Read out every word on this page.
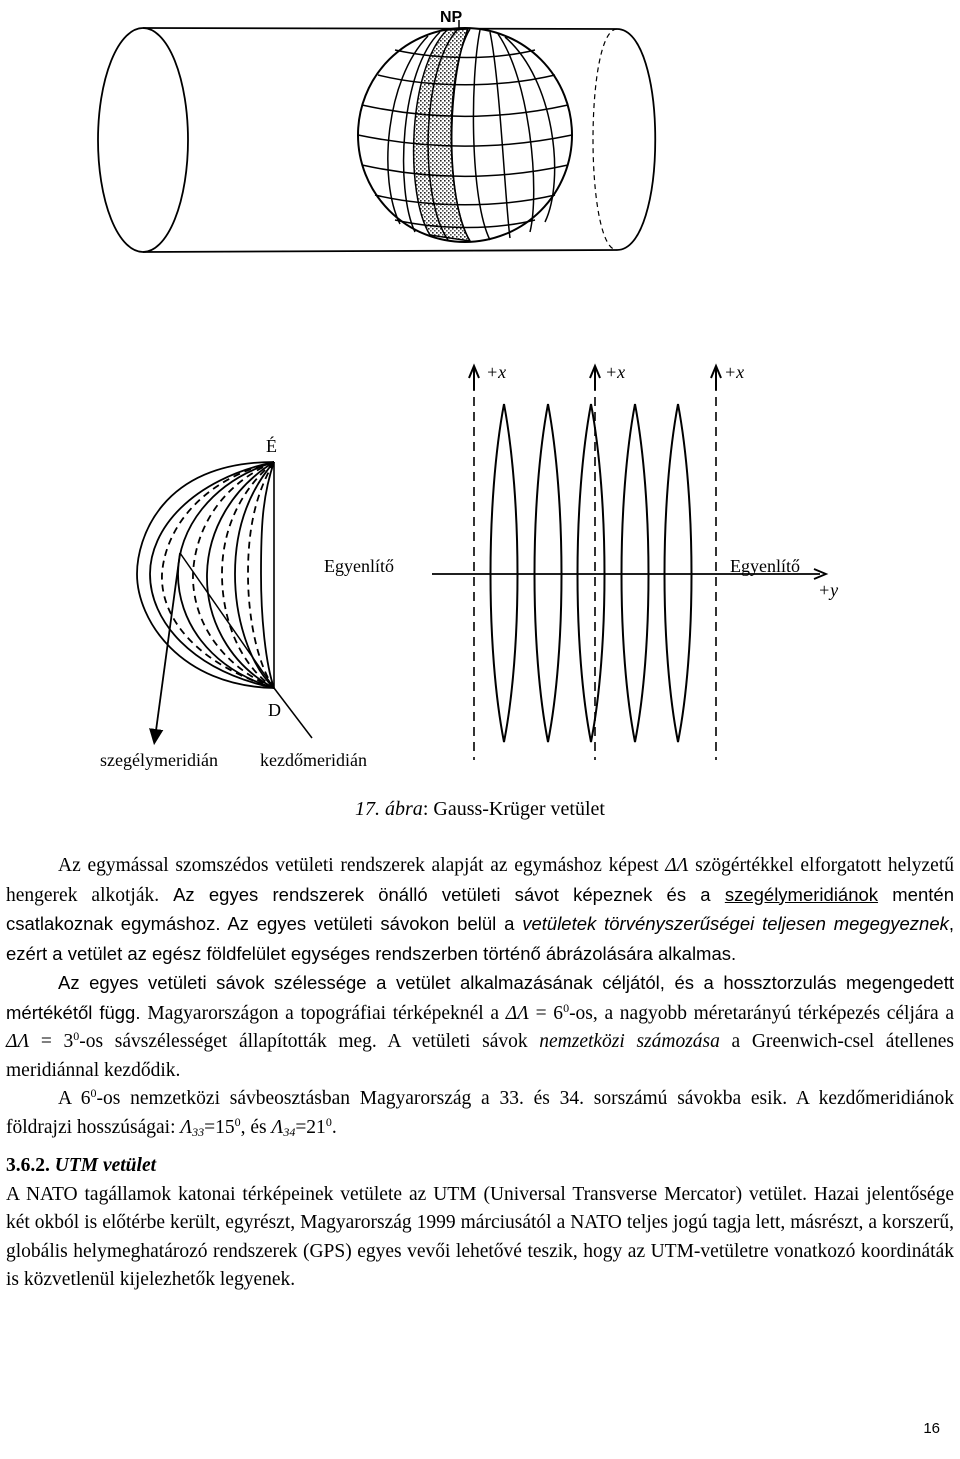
NP
+x	+x	+x
É
Egyenlítő	Egyenlítő
+y
D
szegélymeridián kezdőmeridián
17. ábra: Gauss-Krüger vetület

Az egymással szomszédos vetületi rendszerek alapját az egymáshoz képest ΔΛ szögértékkel elforgatott helyzetű hengerek alkotják. Az egyes rendszerek önálló vetületi sávot képeznek és a szegélymeridiánok mentén csatlakoznak egymáshoz. Az egyes vetületi sávokon belül a vetületek törvényszerűségei teljesen megegyeznek, ezért a vetület az egész földfelület egységes rendszerben történő ábrázolására alkalmas.

Az egyes vetületi sávok szélessége a vetület alkalmazásának céljától, és a hossztorzulás megengedett mértékétől függ. Magyarországon a topográfiai térképeknél a $\Delta\Lambda = 6^0-os$, a nagyobb méretarányú térképezés céljára a $\Delta\Lambda = 3^0-os$ sávszélességet állapították meg. A vetületi sávok nemzetközi számozása a Greenwich-csel átellenes meridiánnal kezdődik.

A $6^0-os$ nemzetközi sávbeosztásban Magyarország a 33. és 34. sorszámú sávokba esik. A kezdőmeridiánok földrajzi hosszúságai: $\Lambda_{33}=15^0$, és $\Lambda_{34}=21^0$.

3.6.2. UTM vetület

A NATO tagállamok katonai térképeinek vetülete az UTM (Universal Transverse Mercator) vetület. Hazai jelentősége két okból is előtérbe került, egyrészt, Magyarország 1999 márciusától a NATO teljes jogú tagja lett, másrészt, a korszerű, globális helymeghatározó rendszerek (GPS) egyes vevői lehetővé teszik, hogy az UTM-vetületre vonatkozó koordináták is közvetlenül kijelezhetők legyenek.

16
